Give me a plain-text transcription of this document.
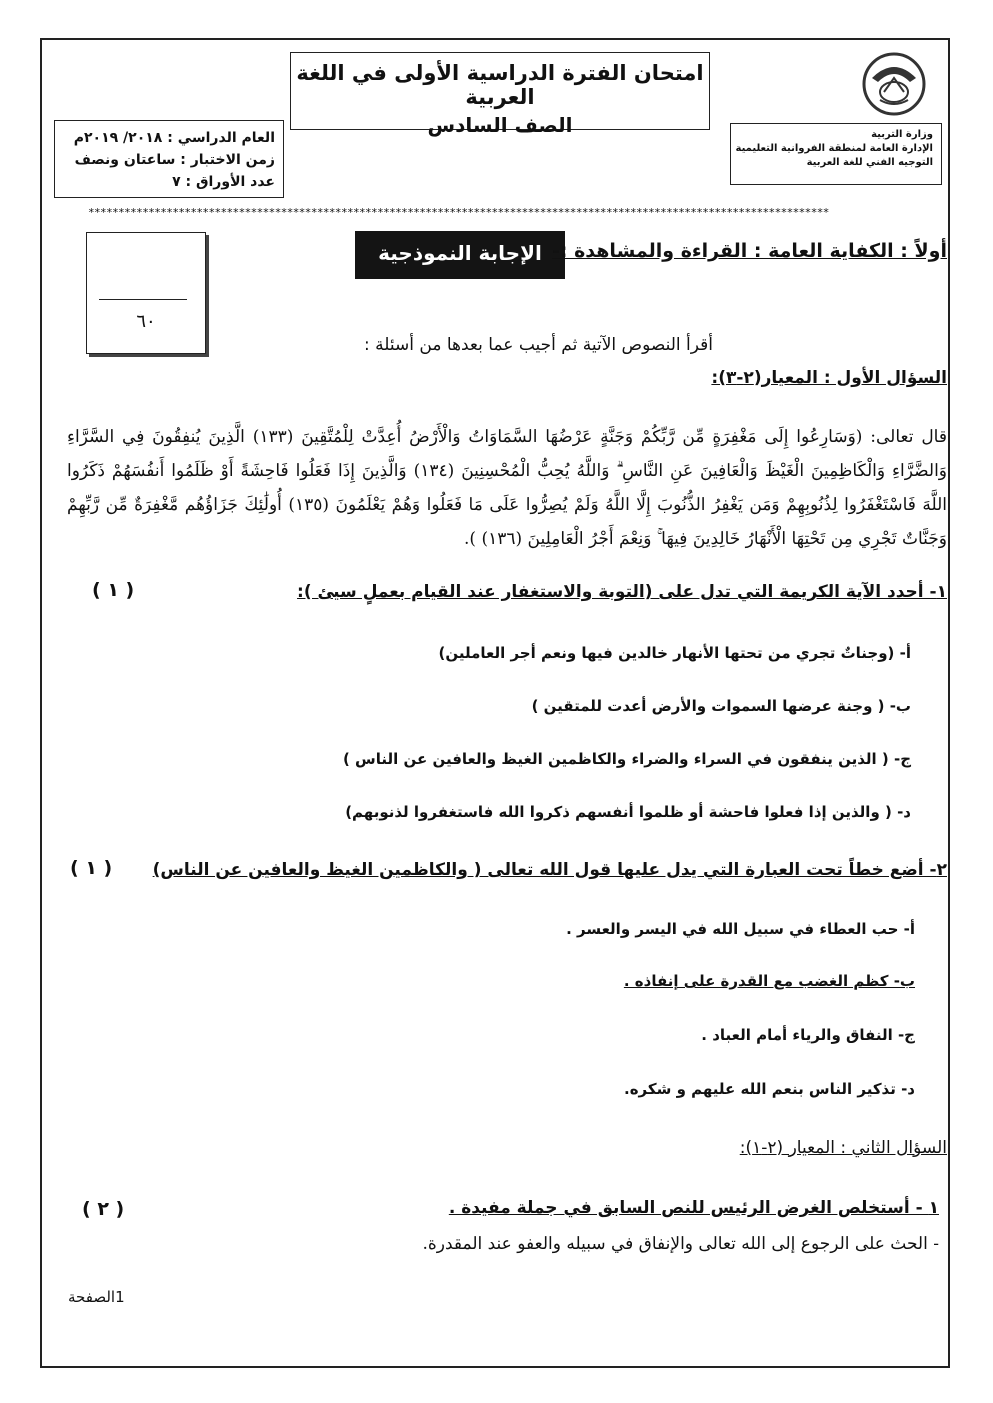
امتحان الفترة الدراسية الأولى في اللغة العربية
الصف السادس	وزارة التربية
الإدارة العامة لمنطقة الفروانية التعليمية
التوجيه الفني للغة العربية
العام الدراسي : ٢٠١٨/ ٢٠١٩م
زمن الاختبار : ساعتان ونصف
عدد الأوراق : ٧
***************************************************************************************************************************
٦٠
الإجابة النموذجية أولاً : الكفاية العامة : القراءة والمشاهدة :-
أقرأ النصوص الآتية ثم أجيب عما بعدها من أسئلة :
السؤال الأول : المعيار(٢-٣):
قال تعالى: (وَسَارِعُوا إِلَى مَغْفِرَةٍ مِّن رَّبِّكُمْ وَجَنَّةٍ عَرْضُهَا السَّمَاوَاتُ وَالْأَرْضُ أُعِدَّتْ لِلْمُتَّقِينَ (١٣٣) الَّذِينَ يُنفِقُونَ فِي السَّرَّاءِ وَالضَّرَّاءِ وَالْكَاظِمِينَ الْغَيْظَ وَالْعَافِينَ عَنِ النَّاسِ ۗ وَاللَّهُ يُحِبُّ الْمُحْسِنِينَ (١٣٤) وَالَّذِينَ إِذَا فَعَلُوا فَاحِشَةً أَوْ ظَلَمُوا أَنفُسَهُمْ ذَكَرُوا اللَّهَ فَاسْتَغْفَرُوا لِذُنُوبِهِمْ وَمَن يَغْفِرُ الذُّنُوبَ إِلَّا اللَّهُ وَلَمْ يُصِرُّوا عَلَى مَا فَعَلُوا وَهُمْ يَعْلَمُونَ (١٣٥) أُولَٰئِكَ جَزَاؤُهُم مَّغْفِرَةٌ مِّن رَّبِّهِمْ وَجَنَّاتٌ تَجْرِي مِن تَحْتِهَا الْأَنْهَارُ خَالِدِينَ فِيهَا ۚ وَنِعْمَ أَجْرُ الْعَامِلِينَ (١٣٦) ).
١- أحدد الآية الكريمة التي تدل على (التوبة والاستغفار عند القيام بعملٍ سيئ ):
( ١ )
أ- (وجناتٌ تجري من تحتها الأنهار خالدين فيها ونعم أجر العاملين)
ب- ( وجنة عرضها السموات والأرض أعدت للمتقين )
ج- ( الذين ينفقون في السراء والضراء والكاظمين الغيظ والعافين عن الناس )
د- ( والذين إذا فعلوا فاحشة أو ظلموا أنفسهم ذكروا الله فاستغفروا لذنوبهم)
٢- أضع خطاً تحت العبارة التي يدل عليها قول الله تعالى ( والكاظمين الغيظ والعافين عن الناس)
( ١ )
أ- حب العطاء في سبيل الله في اليسر والعسر .
ب- كظم الغضب مع القدرة على إنفاذه .
ج- النفاق والرياء أمام العباد .
د- تذكير الناس بنعم الله عليهم و شكره.
السؤال الثاني : المعيار (٢-١):
١ - أستخلص الغرض الرئيس للنص السابق في جملة مفيدة .
( ٢ )
- الحث على الرجوع إلى الله تعالى والإنفاق في سبيله والعفو عند المقدرة.
1الصفحة
